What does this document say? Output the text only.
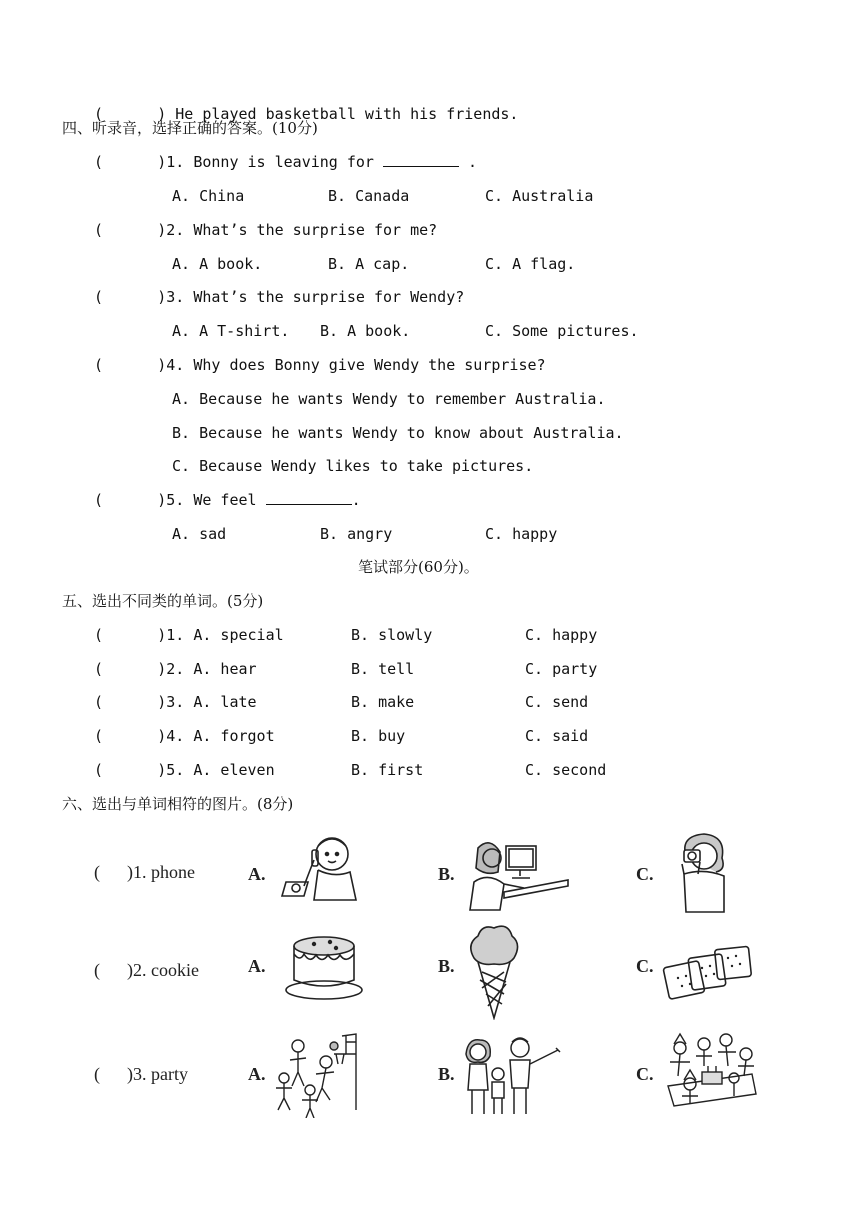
(      ) He played basketball with his friends.

四、听录音，选择正确的答案。(10分)
(      )1. Bonny is leaving for	.
A. China	B. Canada	C. Australia
(      )2. What’s the surprise for me?
A. A book.	B. A cap.	C. A flag.
(      )3. What’s the surprise for Wendy?
A. A T-shirt. B. A book.	C. Some pictures.
(      )4. Why does Bonny give Wendy the surprise?
A. Because he wants Wendy to remember Australia.
B. Because he wants Wendy to know about Australia.
C. Because Wendy likes to take pictures.
(      )5. We feel	.
A. sad	B. angry	C. happy
笔试部分(60分)。
五、选出不同类的单词。(5分)
(      )1. A. special	B. slowly	C. happy
(      )2. A. hear	B. tell	C. party
(      )3. A. late	B. make	C. send
(      )4. A. forgot	B. buy	C. said
(      )5. A. eleven	B. first	C. second
六、选出与单词相符的图片。(8分)
(      )1. phone	A.	B.	C.
(      )2. cookie	A.	B.	C.
(      )3. party	A.	B.	C.
